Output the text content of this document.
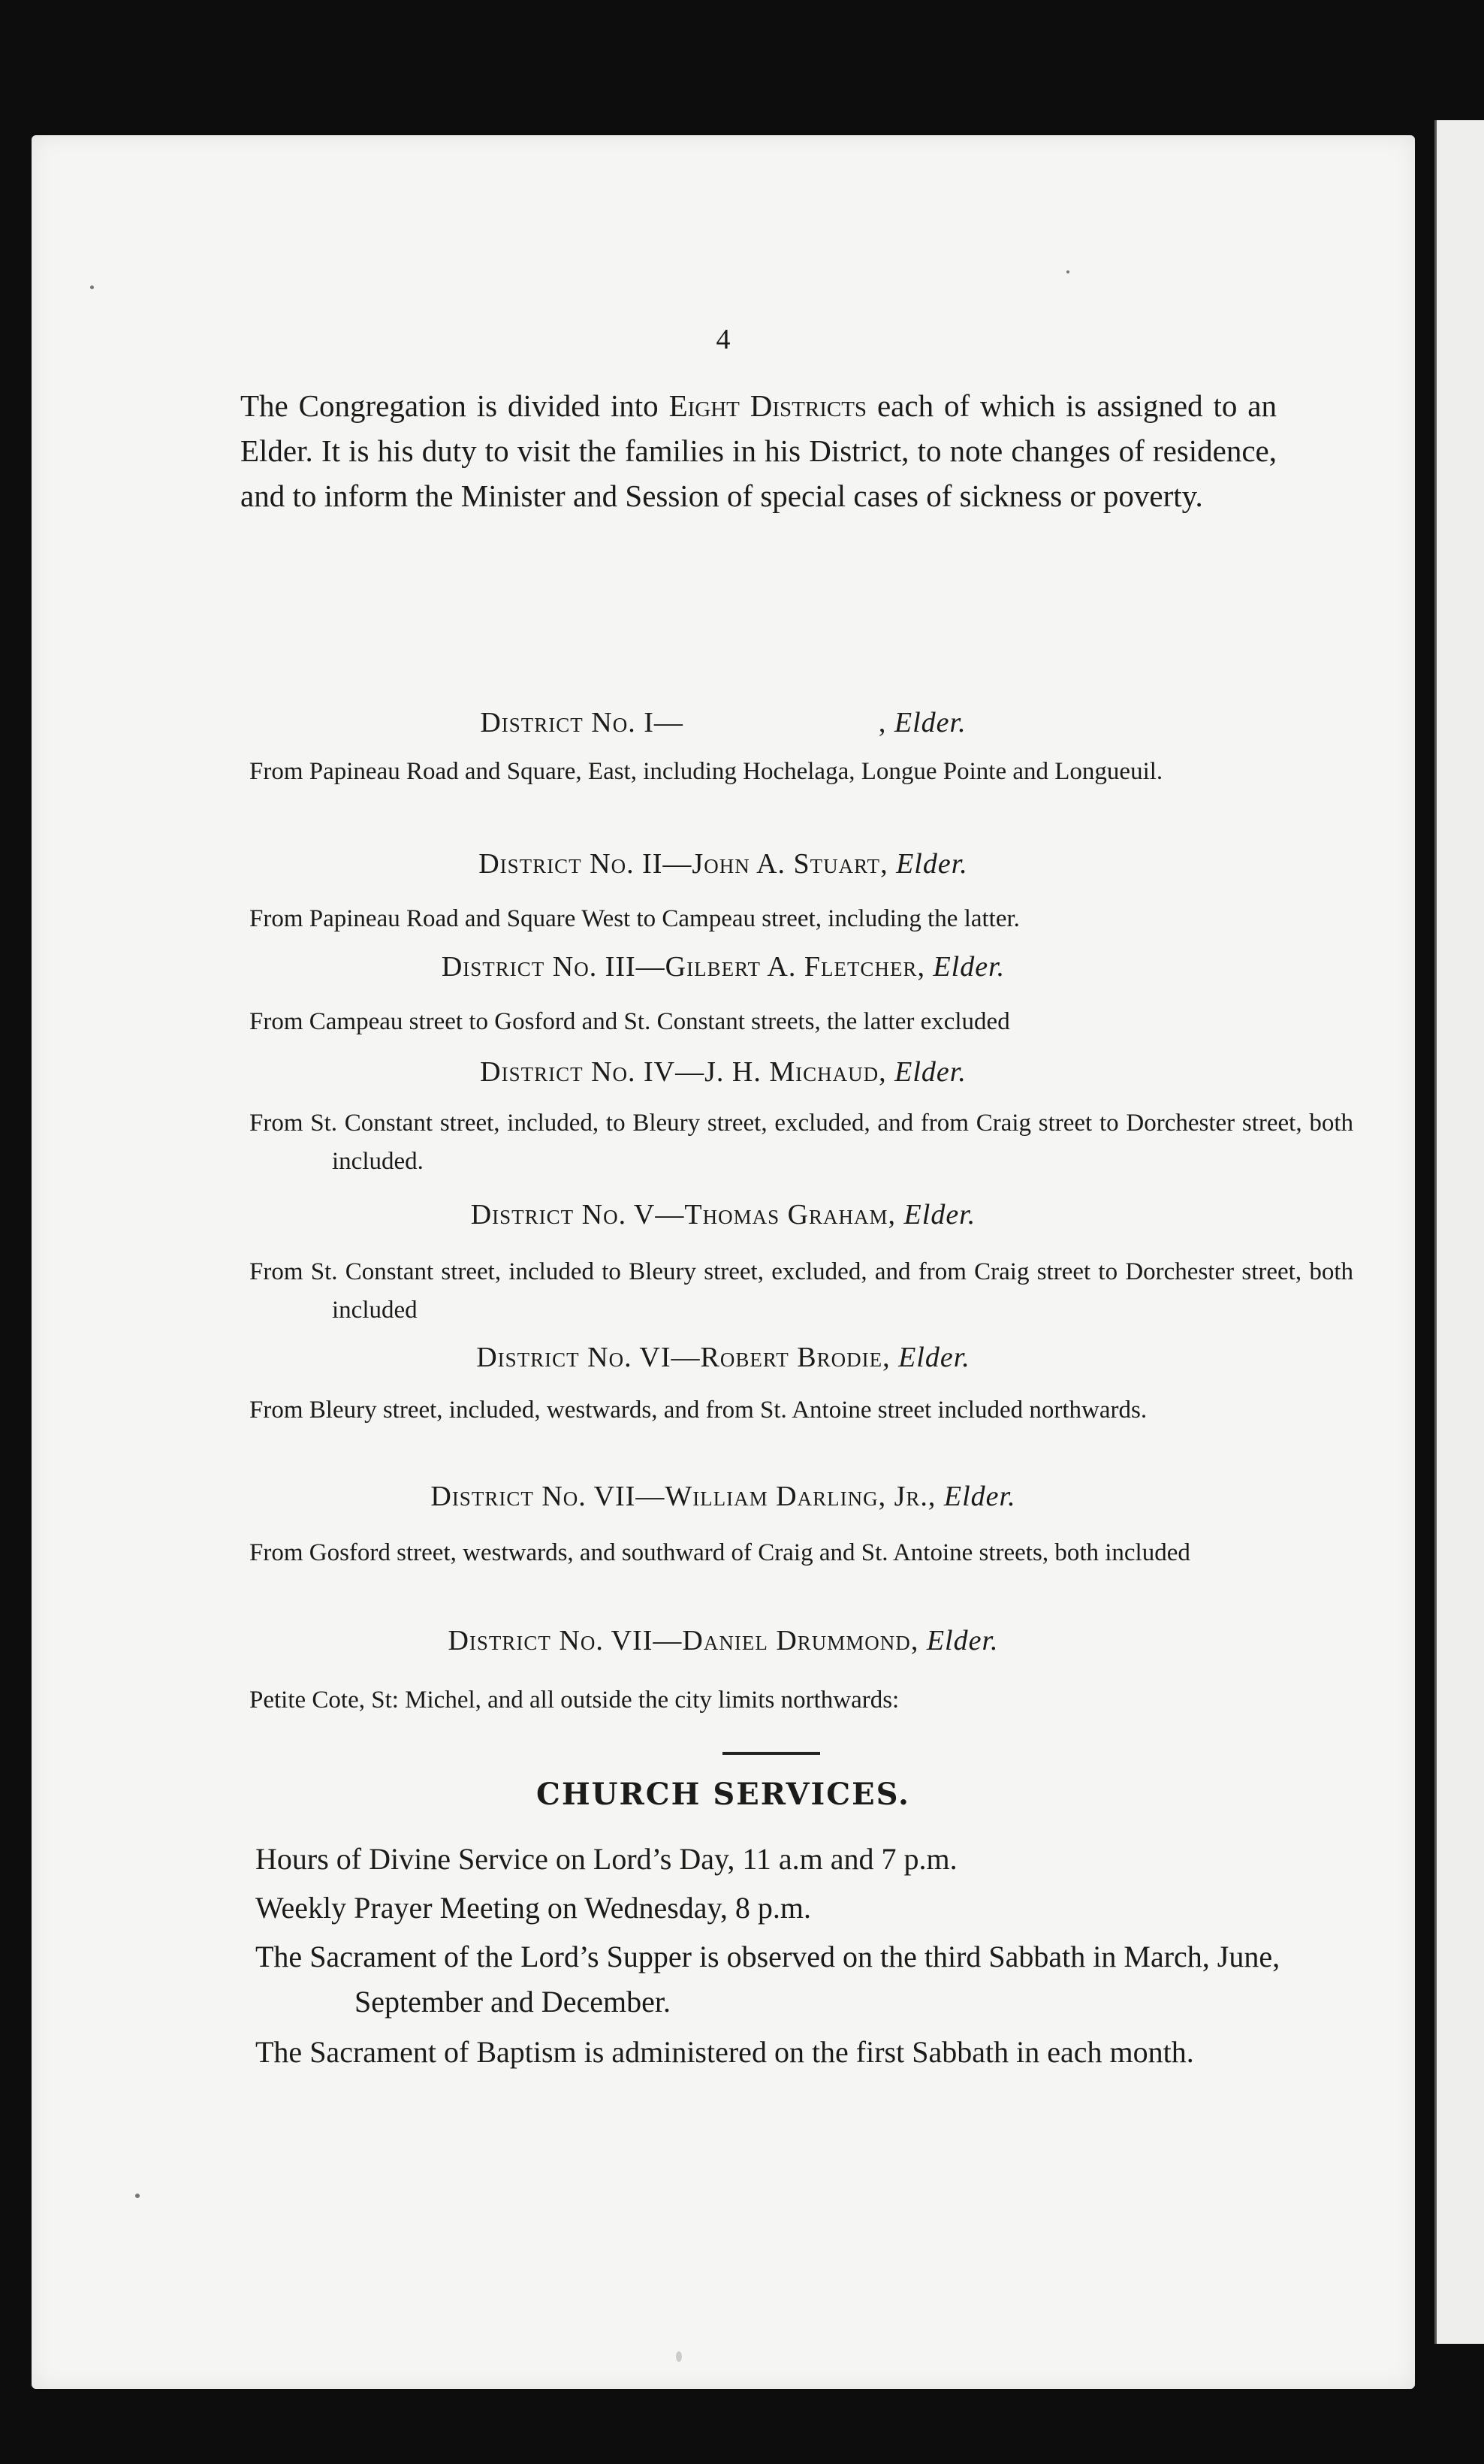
4

The Congregation is divided into Eight Districts each of which is assigned to an Elder. It is his duty to visit the families in his District, to note changes of residence, and to inform the Minister and Session of special cases of sickness or poverty.

District No. I—	, Elder.
From Papineau Road and Square, East, including Hochelaga, Longue Pointe and Longueuil.
District No. II—John A. Stuart, Elder.
From Papineau Road and Square West to Campeau street, including the latter.
District No. III—Gilbert A. Fletcher, Elder.
From Campeau street to Gosford and St. Constant streets, the latter excluded
District No. IV—J. H. Michaud, Elder.
From St. Constant street, included, to Bleury street, excluded, and from Craig street to Dorchester street, both included.
District No. V—Thomas Graham, Elder.
From St. Constant street, included to Bleury street, excluded, and from Craig street to Dorchester street, both included
District No. VI—Robert Brodie, Elder.
From Bleury street, included, westwards, and from St. Antoine street included northwards.
District No. VII—William Darling, Jr., Elder.
From Gosford street, westwards, and southward of Craig and St. Antoine streets, both included
District No. VII—Daniel Drummond, Elder.
Petite Cote, St: Michel, and all outside the city limits northwards:
CHURCH SERVICES.
Hours of Divine Service on Lord’s Day, 11 a.m and 7 p.m.
Weekly Prayer Meeting on Wednesday, 8 p.m.
The Sacrament of the Lord’s Supper is observed on the third Sabbath in March, June, September and December.
The Sacrament of Baptism is administered on the first Sabbath in each month.
